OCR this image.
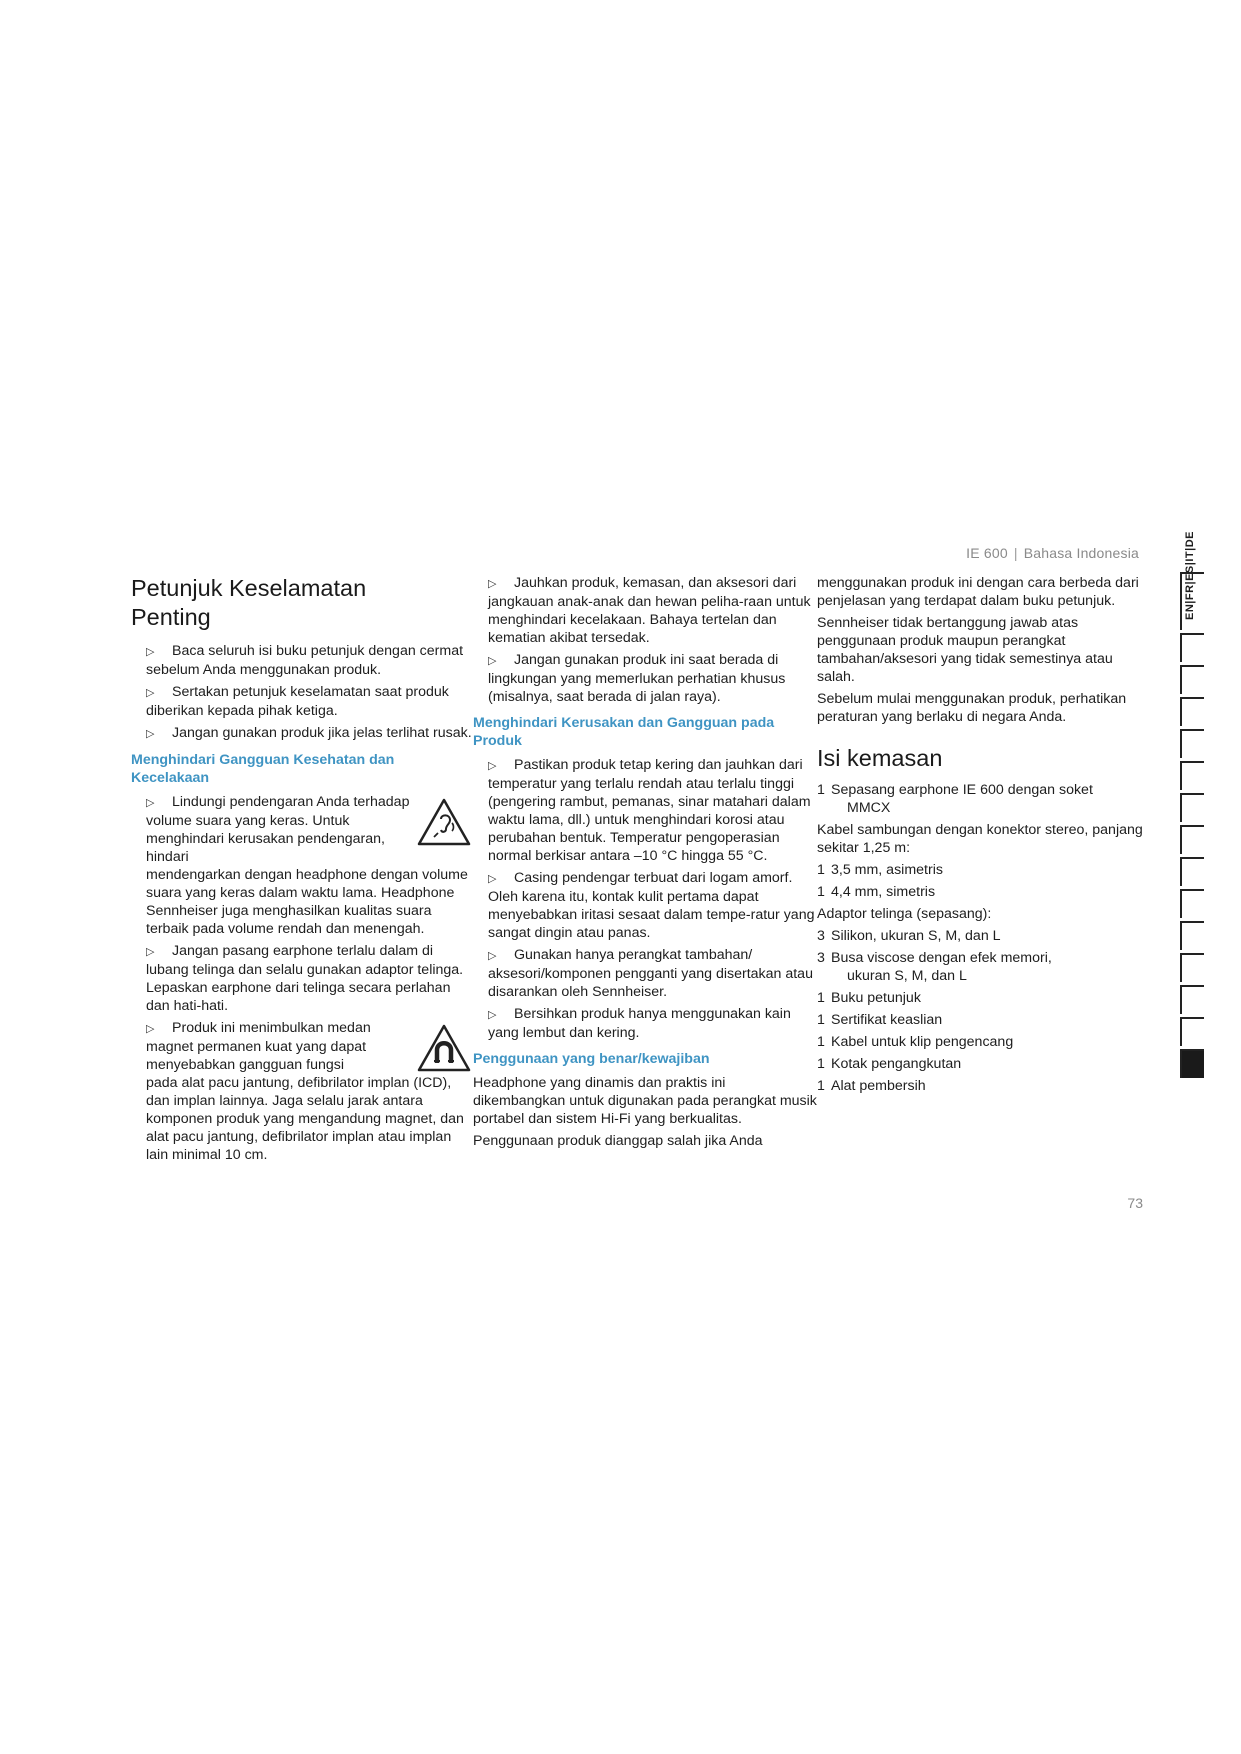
IE 600 | Bahasa Indonesia
Petunjuk Keselamatan
Penting
▷ Baca seluruh isi buku petunjuk dengan cermat sebelum Anda menggunakan produk.
▷ Sertakan petunjuk keselamatan saat produk diberikan kepada pihak ketiga.
▷ Jangan gunakan produk jika jelas terlihat rusak.
Menghindari Gangguan Kesehatan dan Kecelakaan
▷ Lindungi pendengaran Anda terhadap volume suara yang keras. Untuk menghindari kerusakan pendengaran, hindari
mendengarkan dengan headphone dengan volume suara yang keras dalam waktu lama. Headphone Sennheiser juga menghasilkan kualitas suara terbaik pada volume rendah dan menengah.
▷ Jangan pasang earphone terlalu dalam di lubang telinga dan selalu gunakan adaptor telinga. Lepaskan earphone dari telinga secara perlahan dan hati-hati.
▷ Produk ini menimbulkan medan magnet permanen kuat yang dapat menyebabkan gangguan fungsi
pada alat pacu jantung, defibrilator implan (ICD), dan implan lainnya. Jaga selalu jarak antara komponen produk yang mengandung magnet, dan alat pacu jantung, defibrilator implan atau implan lain minimal 10 cm.
▷ Jauhkan produk, kemasan, dan aksesori dari jangkauan anak-anak dan hewan peliha-raan untuk menghindari kecelakaan. Bahaya tertelan dan kematian akibat tersedak.
▷ Jangan gunakan produk ini saat berada di lingkungan yang memerlukan perhatian khusus (misalnya, saat berada di jalan raya).
Menghindari Kerusakan dan Gangguan pada Produk
▷ Pastikan produk tetap kering dan jauhkan dari temperatur yang terlalu rendah atau terlalu tinggi (pengering rambut, pemanas, sinar matahari dalam waktu lama, dll.) untuk menghindari korosi atau perubahan bentuk. Temperatur pengoperasian normal berkisar antara –10 °C hingga 55 °C.
▷ Casing pendengar terbuat dari logam amorf. Oleh karena itu, kontak kulit pertama dapat menyebabkan iritasi sesaat dalam tempe-ratur yang sangat dingin atau panas.
▷ Gunakan hanya perangkat tambahan/ aksesori/komponen pengganti yang disertakan atau disarankan oleh Sennheiser.
▷ Bersihkan produk hanya menggunakan kain yang lembut dan kering.
Penggunaan yang benar/kewajiban

Headphone yang dinamis dan praktis ini dikembangkan untuk digunakan pada perangkat musik portabel dan sistem Hi-Fi yang berkualitas.

Penggunaan produk dianggap salah jika Anda

menggunakan produk ini dengan cara berbeda dari penjelasan yang terdapat dalam buku petunjuk.

Sennheiser tidak bertanggung jawab atas penggunaan produk maupun perangkat tambahan/aksesori yang tidak semestinya atau salah.

Sebelum mulai menggunakan produk, perhatikan peraturan yang berlaku di negara Anda.

Isi kemasan

1 Sepasang earphone IE 600 dengan soket

MMCX

Kabel sambungan dengan konektor stereo, panjang sekitar 1,25 m:

1 3,5 mm, asimetris

1 4,4 mm, simetris

Adaptor telinga (sepasang):

3 Silikon, ukuran S, M, dan L

3 Busa viscose dengan efek memori,

ukuran S, M, dan L

1 Buku petunjuk

1 Sertifikat keaslian

1 Kabel untuk klip pengencang

1 Kotak pengangkutan

1 Alat pembersih

EN|FR|ES|IT|DE
73
